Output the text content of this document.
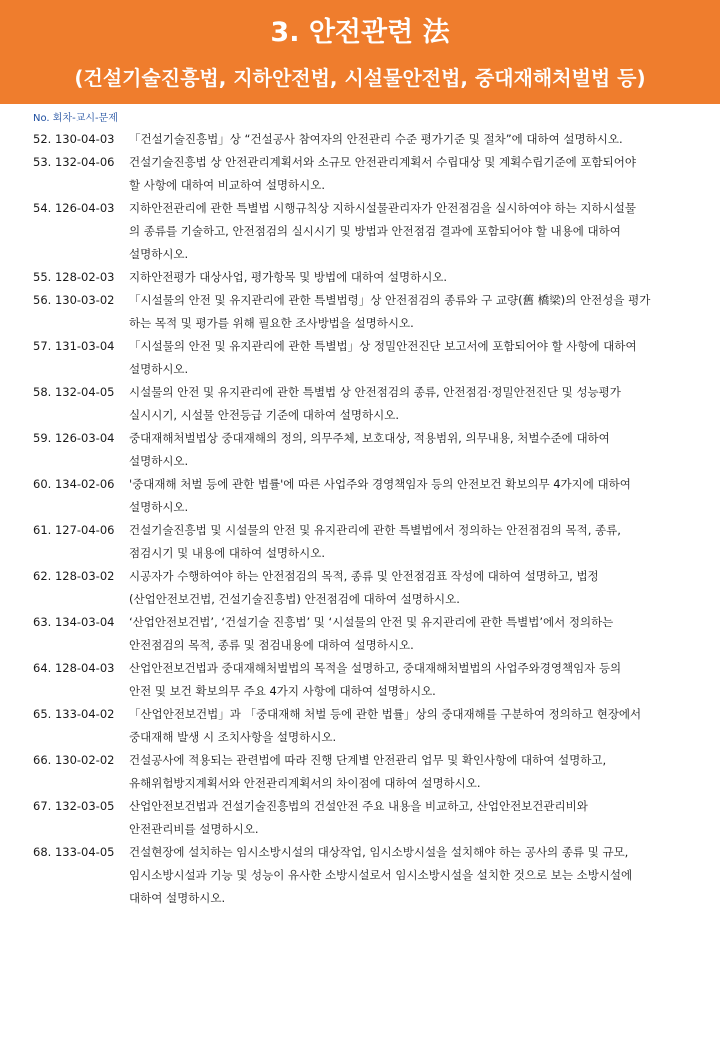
3. 안전관련 法
(건설기술진흥법, 지하안전법, 시설물안전법, 중대재해처벌법 등)
No. 회차-교시-문제
52. 130-04-03	「건설기술진흥법」상 “건설공사 참여자의 안전관리 수준 평가기준 및 절차”에 대하여 설명하시오.
53. 132-04-06	건설기술진흥법 상 안전관리계획서와 소규모 안전관리계획서 수립대상 및 계획수립기준에 포함되어야
할 사항에 대하여 비교하여 설명하시오.
54. 126-04-03	지하안전관리에 관한 특별법 시행규칙상 지하시설물관리자가 안전점검을 실시하여야 하는 지하시설물
의 종류를 기술하고, 안전점검의 실시시기 및 방법과 안전점검 결과에 포함되어야 할 내용에 대하여
설명하시오.
55. 128-02-03	지하안전평가 대상사업, 평가항목 및 방법에 대하여 설명하시오.
56. 130-03-02	「시설물의 안전 및 유지관리에 관한 특별법령」상 안전점검의 종류와 구 교량(舊 橋梁)의 안전성을 평가
하는 목적 및 평가를 위해 필요한 조사방법을 설명하시오.
57. 131-03-04	「시설물의 안전 및 유지관리에 관한 특별법」상 정밀안전진단 보고서에 포함되어야 할 사항에 대하여
설명하시오.
58. 132-04-05	시설물의 안전 및 유지관리에 관한 특별법 상 안전점검의 종류, 안전점검·정밀안전진단 및 성능평가
실시시기, 시설물 안전등급 기준에 대하여 설명하시오.
59. 126-03-04	중대재해처벌법상 중대재해의 정의, 의무주체, 보호대상, 적용범위, 의무내용, 처벌수준에 대하여
설명하시오.
60. 134-02-06	'중대재해 처벌 등에 관한 법률'에 따른 사업주와 경영책임자 등의 안전보건 확보의무 4가지에 대하여
설명하시오.
61. 127-04-06	건설기술진흥법 및 시설물의 안전 및 유지관리에 관한 특별법에서 정의하는 안전점검의 목적, 종류,
점검시기 및 내용에 대하여 설명하시오.
62. 128-03-02	시공자가 수행하여야 하는 안전점검의 목적, 종류 및 안전점검표 작성에 대하여 설명하고, 법정
(산업안전보건법, 건설기술진흥법) 안전점검에 대하여 설명하시오.
63. 134-03-04	‘산업안전보건법’, ‘건설기술 진흥법’ 및 ‘시설물의 안전 및 유지관리에 관한 특별법’에서 정의하는
안전점검의 목적, 종류 및 점검내용에 대하여 설명하시오.
64. 128-04-03	산업안전보건법과 중대재해처벌법의 목적을 설명하고, 중대재해처벌법의 사업주와경영책임자 등의
안전 및 보건 확보의무 주요 4가지 사항에 대하여 설명하시오.
65. 133-04-02	「산업안전보건법」과 「중대재해 처벌 등에 관한 법률」상의 중대재해를 구분하여 정의하고 현장에서
중대재해 발생 시 조치사항을 설명하시오.
66. 130-02-02	건설공사에 적용되는 관련법에 따라 진행 단계별 안전관리 업무 및 확인사항에 대하여 설명하고,
유해위험방지계획서와 안전관리계획서의 차이점에 대하여 설명하시오.
67. 132-03-05	산업안전보건법과 건설기술진흥법의 건설안전 주요 내용을 비교하고, 산업안전보건관리비와
안전관리비를 설명하시오.
68. 133-04-05	건설현장에 설치하는 임시소방시설의 대상작업, 임시소방시설을 설치해야 하는 공사의 종류 및 규모,
임시소방시설과 기능 및 성능이 유사한 소방시설로서 임시소방시설을 설치한 것으로 보는 소방시설에
대하여 설명하시오.
